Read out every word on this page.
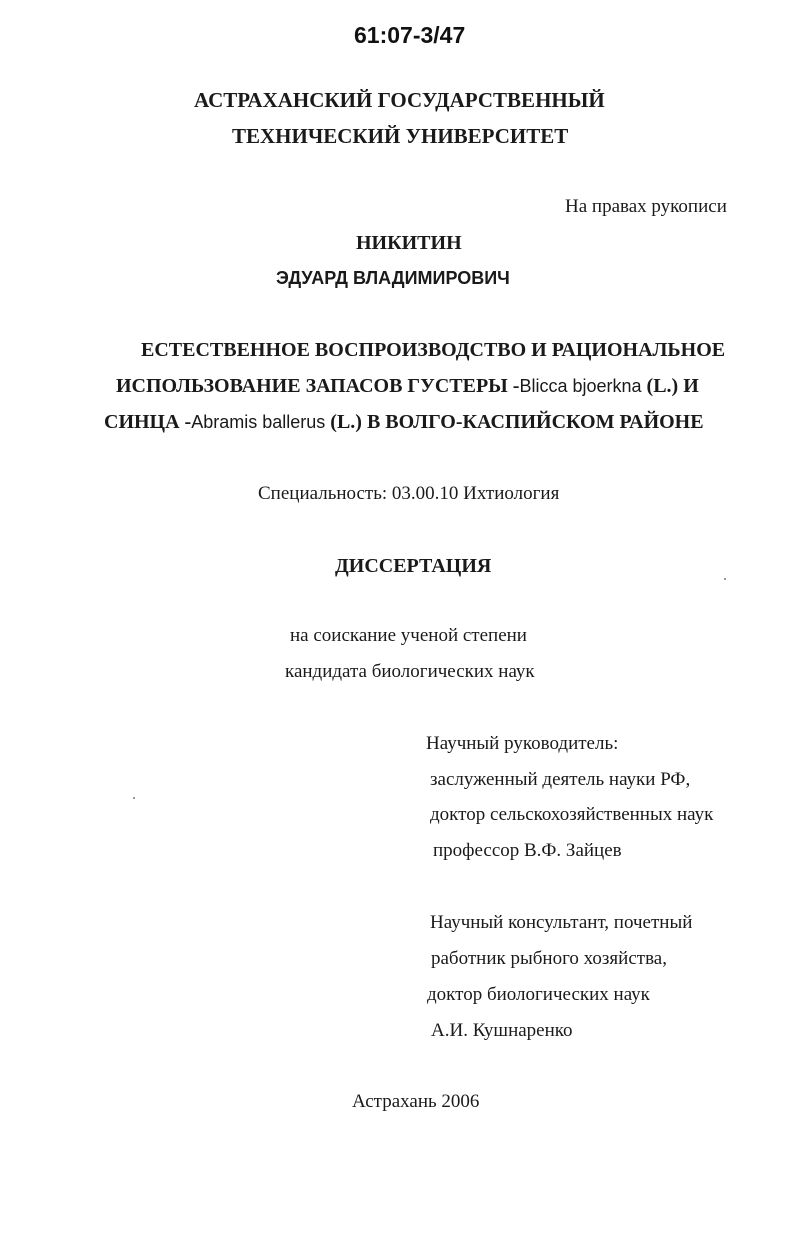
61:07-3/47
АСТРАХАНСКИЙ ГОСУДАРСТВЕННЫЙ
ТЕХНИЧЕСКИЙ УНИВЕРСИТЕТ
На правах рукописи
НИКИТИН
ЭДУАРД ВЛАДИМИРОВИЧ
ЕСТЕСТВЕННОЕ ВОСПРОИЗВОДСТВО И РАЦИОНАЛЬНОЕ
ИСПОЛЬЗОВАНИЕ ЗАПАСОВ ГУСТЕРЫ -Blicca bjoerkna (L.) И
СИНЦА -Abramis ballerus (L.) В ВОЛГО-КАСПИЙСКОМ РАЙОНЕ
Специальность: 03.00.10 Ихтиология
ДИССЕРТАЦИЯ
на соискание ученой степени
кандидата биологических наук
Научный руководитель:
заслуженный деятель науки РФ,
доктор сельскохозяйственных наук
профессор В.Ф. Зайцев
Научный консультант, почетный
работник рыбного хозяйства,
доктор биологических наук
А.И. Кушнаренко
Астрахань 2006
